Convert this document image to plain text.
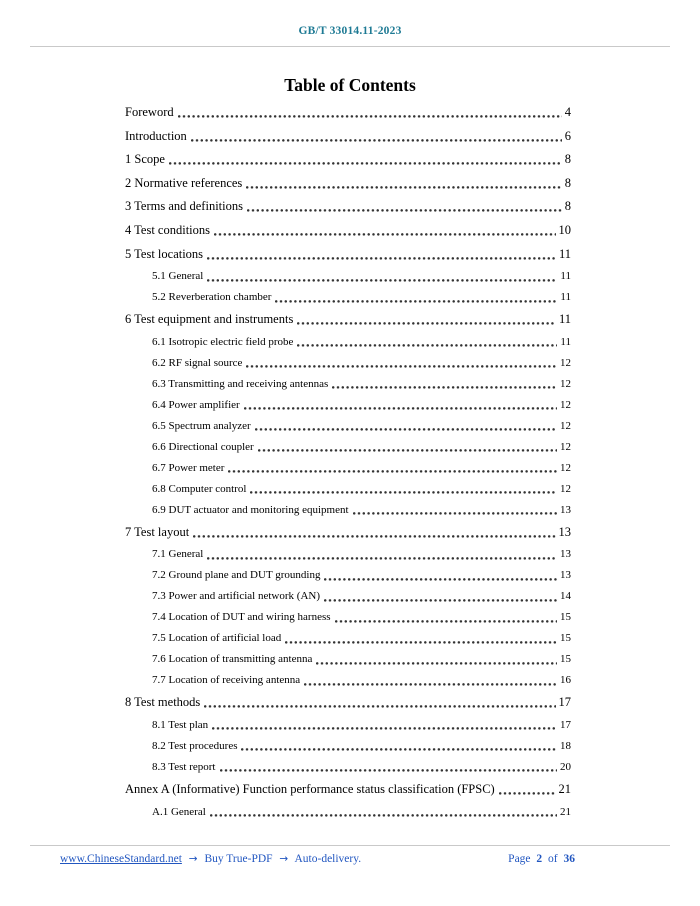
GB/T 33014.11-2023
Table of Contents
Foreword	4
Introduction	6
1 Scope	8
2 Normative references	8
3 Terms and definitions	8
4 Test conditions	10
5 Test locations	11
5.1 General	11
5.2 Reverberation chamber	11
6 Test equipment and instruments	11
6.1 Isotropic electric field probe	11
6.2 RF signal source	12
6.3 Transmitting and receiving antennas	12
6.4 Power amplifier	12
6.5 Spectrum analyzer	12
6.6 Directional coupler	12
6.7 Power meter	12
6.8 Computer control	12
6.9 DUT actuator and monitoring equipment	13
7 Test layout	13
7.1 General	13
7.2 Ground plane and DUT grounding	13
7.3 Power and artificial network (AN)	14
7.4 Location of DUT and wiring harness	15
7.5 Location of artificial load	15
7.6 Location of transmitting antenna	15
7.7 Location of receiving antenna	16
8 Test methods	17
8.1 Test plan	17
8.2 Test procedures	18
8.3 Test report	20
Annex A (Informative) Function performance status classification (FPSC)	21
A.1 General	21
www.ChineseStandard.net → Buy True-PDF → Auto-delivery.	Page 2 of 36
